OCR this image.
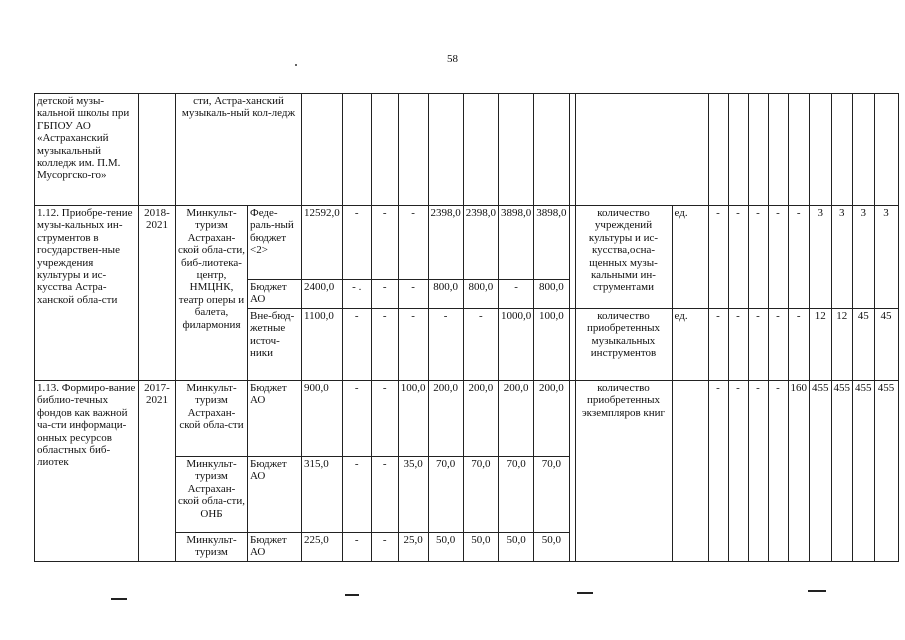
58
детской музы-кальной школы при ГБПОУ АО «Астраханский музыкальный колледж им. П.М. Мусоргско-го»		сти, Астра-ханский музыкаль-ный кол-ледж																					
1.12. Приобре-тение музы-кальных ин-струментов в государствен-ные учреждения культуры и ис-кусства Астра-ханской обла-сти	2018-2021	Минкульт-туризм Астрахан-ской обла-сти, биб-лиотека-центр, НМЦНК, театр оперы и балета, филармония	Феде-раль-ный бюджет <2>	12592,0	-	-	-	2398,0	2398,0	3898,0	3898,0		количество учреждений культуры и ис-кусства,осна-щенных музы-кальными ин-струментами	ед.	-	-	-	-	-	3	3	3	3
			Бюджет АО	2400,0	- .	-	-	800,0	800,0	-	800,0												
			Вне-бюд-жетные источ-ники	1100,0	-	-	-	-	-	1000,0	100,0		количество приобретенных музыкальных инструментов	ед.	-	-	-	-	-	12	12	45	45
1.13. Формиро-вание библио-течных фондов как важной ча-сти информаци-онных ресурсов областных биб-лиотек	2017-2021	Минкульт-туризм Астрахан-ской обла-сти	Бюджет АО	900,0	-	-	100,0	200,0	200,0	200,0	200,0		количество приобретенных экземпляров книг		-	-	-	-	160	455	455	455	455
		Минкульт-туризм Астрахан-ской обла-сти, ОНБ	Бюджет АО	315,0	-	-	35,0	70,0	70,0	70,0	70,0												
		Минкульт-туризм	Бюджет АО	225,0	-	-	25,0	50,0	50,0	50,0	50,0												
